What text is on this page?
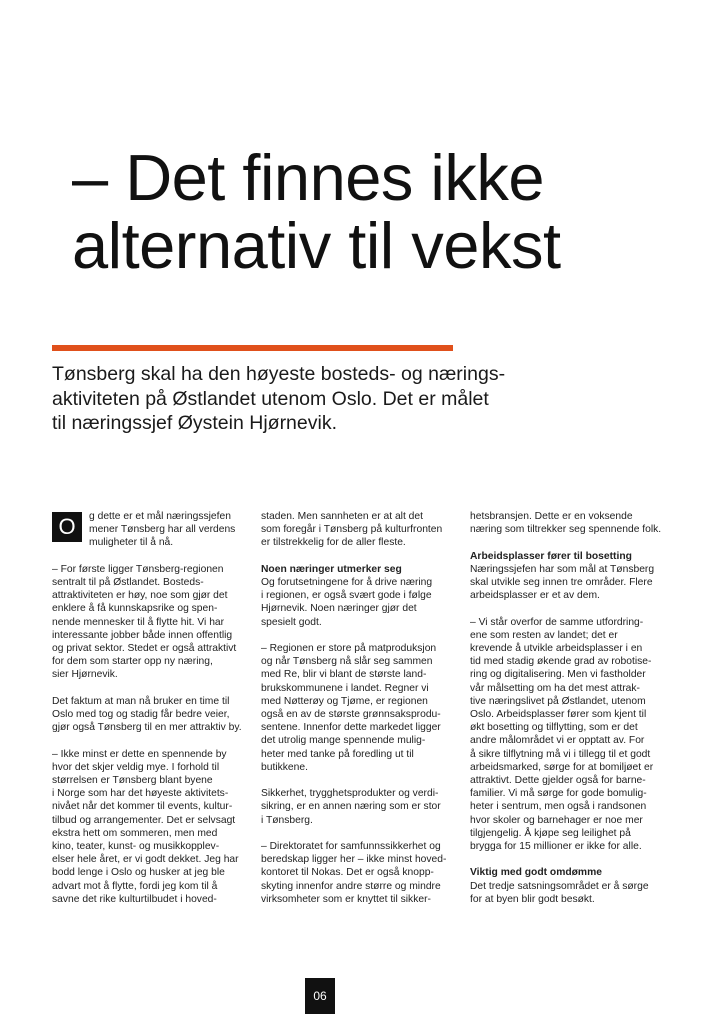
– Det finnes ikke
alternativ til vekst
Tønsberg skal ha den høyeste bosteds- og nærings-
aktiviteten på Østlandet utenom Oslo. Det er målet
til næringssjef Øystein Hjørnevik.
O	g dette er et mål næringssjefen
mener Tønsberg har all verdens
muligheter til å nå.

– For første ligger Tønsberg-regionen
sentralt til på Østlandet. Bosteds-
attraktiviteten er høy, noe som gjør det
enklere å få kunnskapsrike og spen-
nende mennesker til å flytte hit. Vi har
interessante jobber både innen offentlig
og privat sektor. Stedet er også attraktivt
for dem som starter opp ny næring,
sier Hjørnevik.

Det faktum at man nå bruker en time til
Oslo med tog og stadig får bedre veier,
gjør også Tønsberg til en mer attraktiv by.

– Ikke minst er dette en spennende by
hvor det skjer veldig mye. I forhold til
størrelsen er Tønsberg blant byene
i Norge som har det høyeste aktivitets-
nivået når det kommer til events, kultur-
tilbud og arrangementer. Det er selvsagt
ekstra hett om sommeren, men med
kino, teater, kunst- og musikkopplev-
elser hele året, er vi godt dekket. Jeg har
bodd lenge i Oslo og husker at jeg ble
advart mot å flytte, fordi jeg kom til å
savne det rike kulturtilbudet i hoved-

staden. Men sannheten er at alt det
som foregår i Tønsberg på kulturfronten
er tilstrekkelig for de aller fleste.

Noen næringer utmerker seg

Og forutsetningene for å drive næring
i regionen, er også svært gode i følge
Hjørnevik. Noen næringer gjør det
spesielt godt.

– Regionen er store på matproduksjon
og når Tønsberg nå slår seg sammen
med Re, blir vi blant de største land-
brukskommunene i landet. Regner vi
med Nøtterøy og Tjøme, er regionen
også en av de største grønnsaksprodu-
sentene. Innenfor dette markedet ligger
det utrolig mange spennende mulig-
heter med tanke på foredling ut til
butikkene.

Sikkerhet, trygghetsprodukter og verdi-
sikring, er en annen næring som er stor
i Tønsberg.

– Direktoratet for samfunnssikkerhet og
beredskap ligger her – ikke minst hoved-
kontoret til Nokas. Det er også knopp-
skyting innenfor andre større og mindre
virksomheter som er knyttet til sikker-

hetsbransjen. Dette er en voksende
næring som tiltrekker seg spennende folk.

Arbeidsplasser fører til bosetting

Næringssjefen har som mål at Tønsberg
skal utvikle seg innen tre områder. Flere
arbeidsplasser er et av dem.

– Vi står overfor de samme utfordring-
ene som resten av landet; det er
krevende å utvikle arbeidsplasser i en
tid med stadig økende grad av robotise-
ring og digitalisering. Men vi fastholder
vår målsetting om ha det mest attrak-
tive næringslivet på Østlandet, utenom
Oslo. Arbeidsplasser fører som kjent til
økt bosetting og tilflytting, som er det
andre målområdet vi er opptatt av. For
å sikre tilflytning må vi i tillegg til et godt
arbeidsmarked, sørge for at bomiljøet er
attraktivt. Dette gjelder også for barne-
familier. Vi må sørge for gode bomulig-
heter i sentrum, men også i randsonen
hvor skoler og barnehager er noe mer
tilgjengelig. Å kjøpe seg leilighet på
brygga for 15 millioner er ikke for alle.

Viktig med godt omdømme

Det tredje satsningsområdet er å sørge
for at byen blir godt besøkt.

06
